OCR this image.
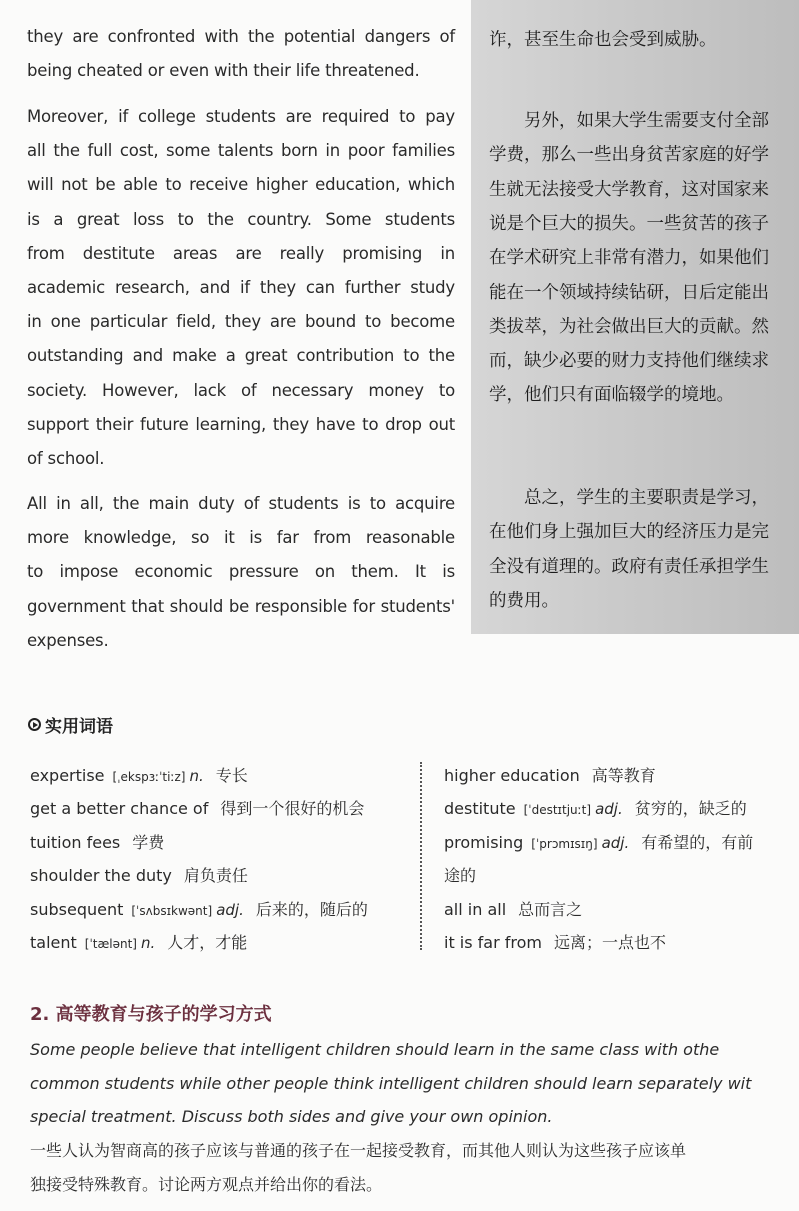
they are confronted with the potential dangers of
being cheated or even with their life threatened.
Moreover, if college students are required to pay
all the full cost, some talents born in poor families
will not be able to receive higher education, which
is a great loss to the country. Some students
from destitute areas are really promising in
academic research, and if they can further study
in one particular field, they are bound to become
outstanding and make a great contribution to the
society. However, lack of necessary money to
support their future learning, they have to drop out
of school.
All in all, the main duty of students is to acquire
more knowledge, so it is far from reasonable
to impose economic pressure on them. It is
government that should be responsible for students'
expenses.
诈，甚至生命也会受到威胁。
　　另外，如果大学生需要支付全部
学费，那么一些出身贫苦家庭的好学
生就无法接受大学教育，这对国家来
说是个巨大的损失。一些贫苦的孩子
在学术研究上非常有潜力，如果他们
能在一个领域持续钻研，日后定能出
类拔萃，为社会做出巨大的贡献。然
而，缺少必要的财力支持他们继续求
学，他们只有面临辍学的境地。
　　总之，学生的主要职责是学习，
在他们身上强加巨大的经济压力是完
全没有道理的。政府有责任承担学生
的费用。
实用词语
expertise [ˌekspɜːˈtiːz] n. 专长
get a better chance of 得到一个很好的机会
tuition fees 学费
shoulder the duty 肩负责任
subsequent [ˈsʌbsɪkwənt] adj. 后来的，随后的
talent [ˈtælənt] n. 人才，才能
higher education 高等教育
destitute [ˈdestɪtjuːt] adj. 贫穷的，缺乏的
promising [ˈprɔmɪsɪŋ] adj. 有希望的，有前
途的
all in all 总而言之
it is far from 远离；一点也不
2. 高等教育与孩子的学习方式
Some people believe that intelligent children should learn in the same class with othe
common students while other people think intelligent children should learn separately wit
special treatment. Discuss both sides and give your own opinion.
一些人认为智商高的孩子应该与普通的孩子在一起接受教育，而其他人则认为这些孩子应该单
独接受特殊教育。讨论两方观点并给出你的看法。
